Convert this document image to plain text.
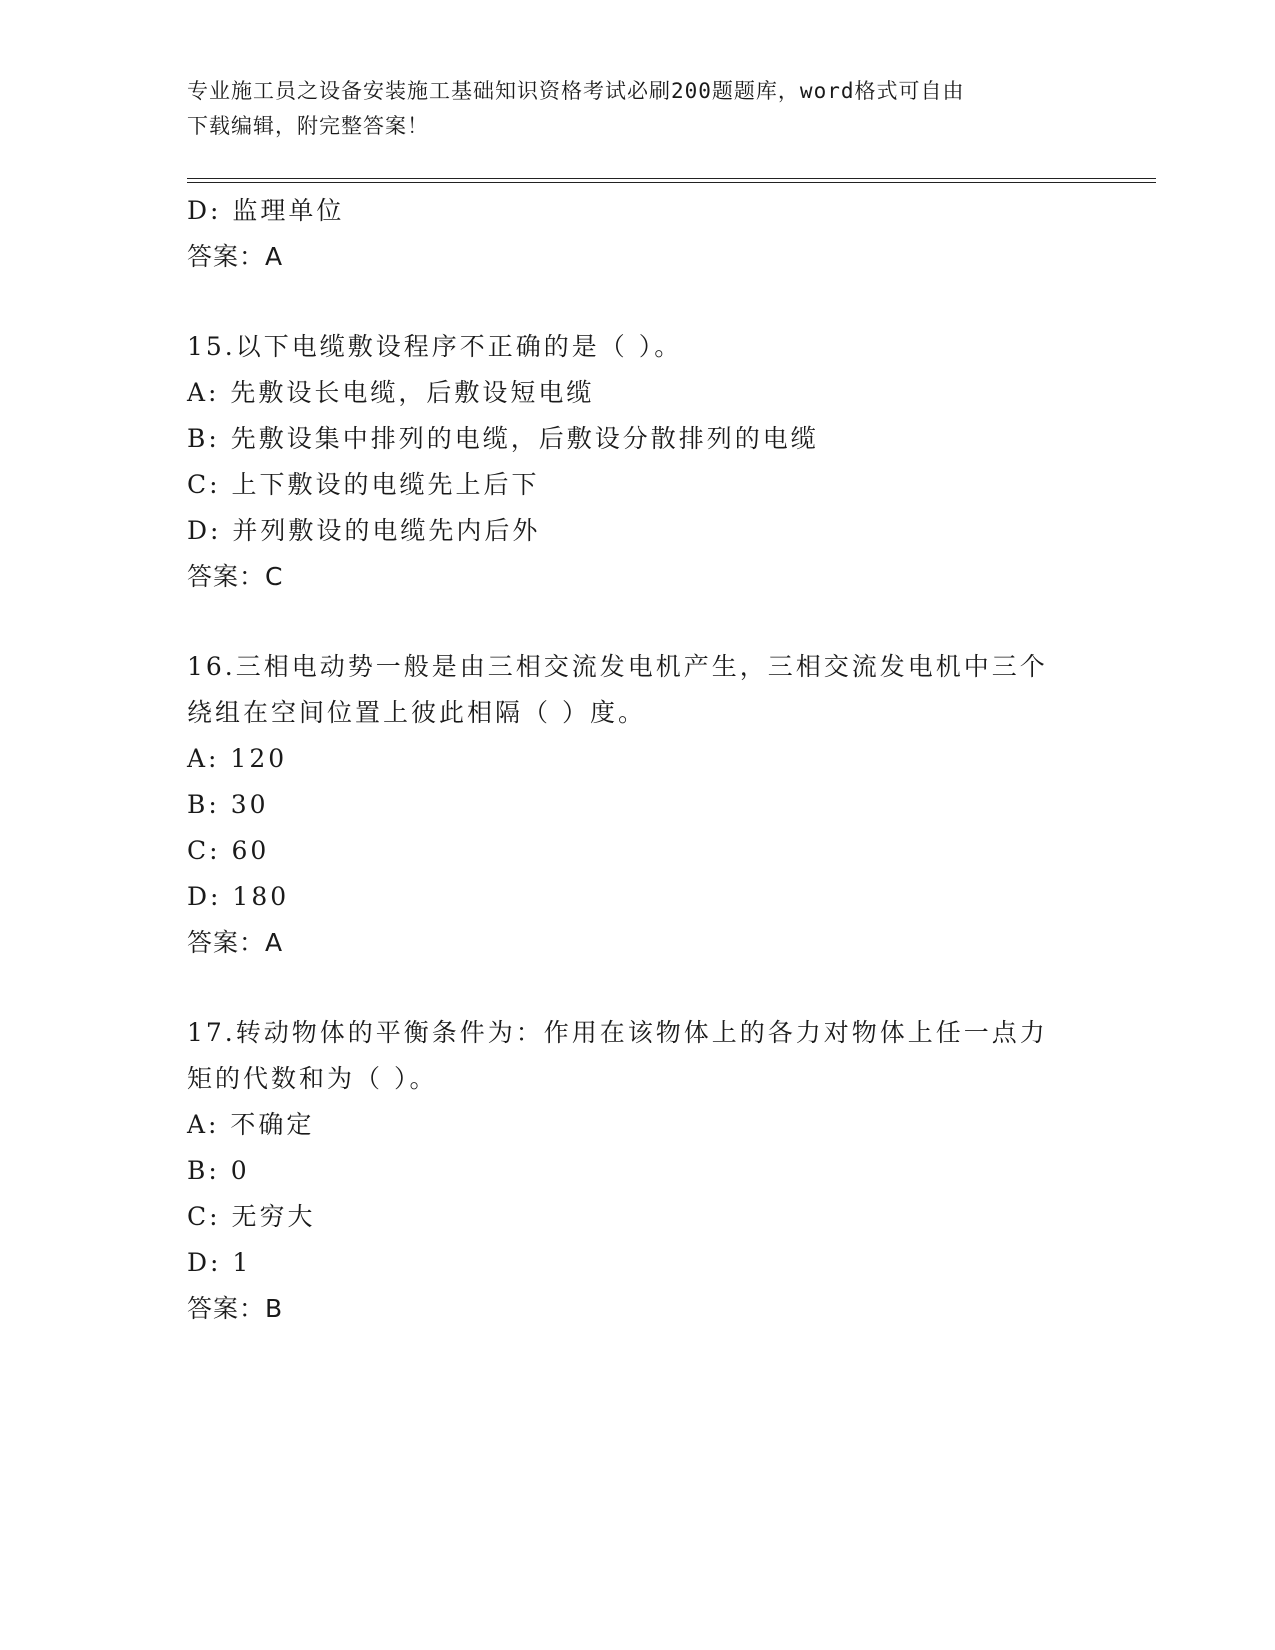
专业施工员之设备安装施工基础知识资格考试必刷200题题库，word格式可自由
下载编辑，附完整答案！
D: 监理单位
答案：A
15.以下电缆敷设程序不正确的是（ ）。
A: 先敷设长电缆，后敷设短电缆
B: 先敷设集中排列的电缆，后敷设分散排列的电缆
C: 上下敷设的电缆先上后下
D: 并列敷设的电缆先内后外
答案：C
16.三相电动势一般是由三相交流发电机产生，三相交流发电机中三个
绕组在空间位置上彼此相隔（ ）度。
A: 120
B: 30
C: 60
D: 180
答案：A
17.转动物体的平衡条件为：作用在该物体上的各力对物体上任一点力
矩的代数和为（ ）。
A: 不确定
B: 0
C: 无穷大
D: 1
答案：B
